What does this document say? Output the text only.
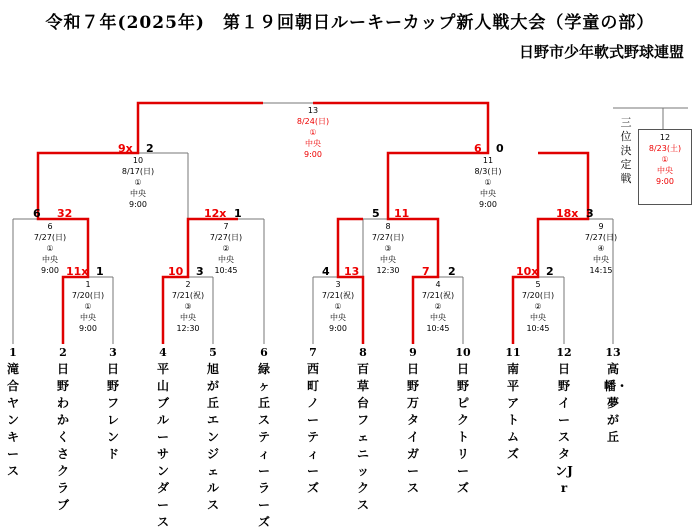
令和７年(2025年)　第１９回朝日ルーキーカップ新人戦大会（学童の部）
日野市少年軟式野球連盟
13
8/24(日)
①
中央
9:00
三位決定戦
12
8/23(土)
①
中央
9:00
10
8/17(日)
①
中央
9:00
11
8/3(日)
①
中央
9:00
6
7/27(日)
①
中央
9:00
7
7/27(日)
②
中央
10:45
8
7/27(日)
③
中央
12:30
9
7/27(日)
④
中央
14:15
1
7/20(日)
①
中央
9:00
2
7/21(祝)
③
中央
12:30
3
7/21(祝)
①
中央
9:00
4
7/21(祝)
②
中央
10:45
5
7/20(日)
②
中央
10:45
9x 2	6 0
6 32	12x 1	5 11	18x 3
11x 1	10 3	4 13	7 2	10x 2
1
滝合ヤンキース
2
日野わかくさクラブ
3
日野フレンド
4
平山ブルーサンダース
5
旭が丘エンジェルス
6
緑ヶ丘スティーラーズ
7
西町ノーティーズ
8
百草台フェニックス
9
日野万タイガース
10
日野ピクトリーズ
11
南平アトムズ
12
日野イースタンJr
13
高幡・夢が丘
